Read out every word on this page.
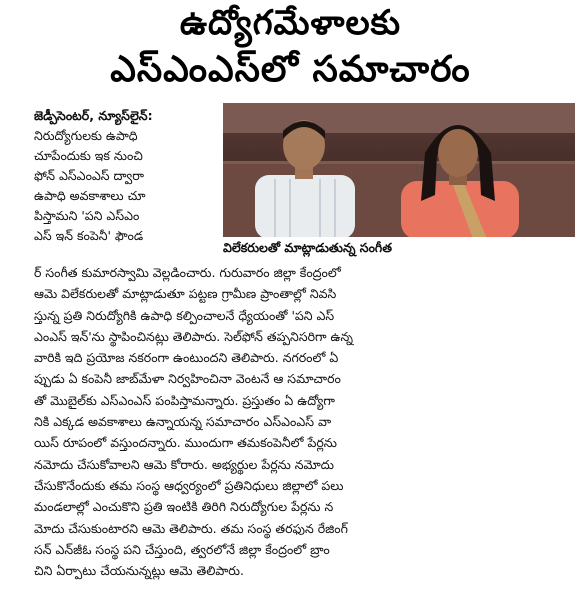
ఉద్యోగమేళాలకు
ఎస్‌ఎంఎస్‌లో సమాచారం
జెడ్పీసెంటర్, న్యూస్‌లైన్:
నిరుద్యోగులకు ఉపాధి
చూపేందుకు ఇక నుంచి
ఫోన్ ఎస్‌ఎంఎస్ ద్వారా
ఉపాధి అవకాశాలు చూ
పిస్తామని 'పని ఎస్‌ఎం
ఎస్ ఇన్ కంపెనీ' ఫౌండ
విలేకరులతో మాట్లాడుతున్న సంగీత
ర్ సంగీత కుమారస్వామి వెల్లడించారు. గురువారం జిల్లా కేంద్రంలో
ఆమె విలేకరులతో మాట్లాడుతూ పట్టణ గ్రామీణ ప్రాంతాల్లో నివసి
స్తున్న ప్రతి నిరుద్యోగికి ఉపాధి కల్పించాలనే ధ్యేయంతో 'పని ఎస్
ఎంఎస్ ఇన్'ను స్థాపించినట్లు తెలిపారు. సెల్‌ఫోన్ తప్పనిసరిగా ఉన్న
వారికి ఇది ప్రయోజ నకరంగా ఉంటుందని తెలిపారు. నగరంలో ఏ
ప్పుడు ఏ కంపెనీ జాబ్‌మేళా నిర్వహించినా వెంటనే ఆ సమాచారం
తో మొబైల్‌కు ఎస్‌ఎంఎస్ పంపిస్తామన్నారు. ప్రస్తుతం ఏ ఉద్యోగా
నికి ఎక్కడ అవకాశాలు ఉన్నాయన్న సమాచారం ఎస్‌ఎంఎస్ వా
యిస్ రూపంలో వస్తుందన్నారు. ముందుగా తమకంపెనీలో పేర్లను
నమోదు చేసుకోవాలని ఆమె కోరారు. అభ్యర్థుల పేర్లను నమోదు
చేసుకొనేందుకు తమ సంస్థ ఆధ్వర్యంలో ప్రతినిధులు జిల్లాలో పలు
మండలాల్లో ఎంచుకొని ప్రతి ఇంటికి తిరిగి నిరుద్యోగుల పేర్లను న
మోదు చేసుకుంటారని ఆమె తెలిపారు. తమ సంస్థ తరఫున రేజింగ్
సన్ ఎన్‌జీఓ సంస్థ పని చేస్తుంది, త్వరలోనే జిల్లా కేంద్రంలో బ్రాం
చిని ఏర్పాటు చేయనున్నట్లు ఆమె తెలిపారు.
